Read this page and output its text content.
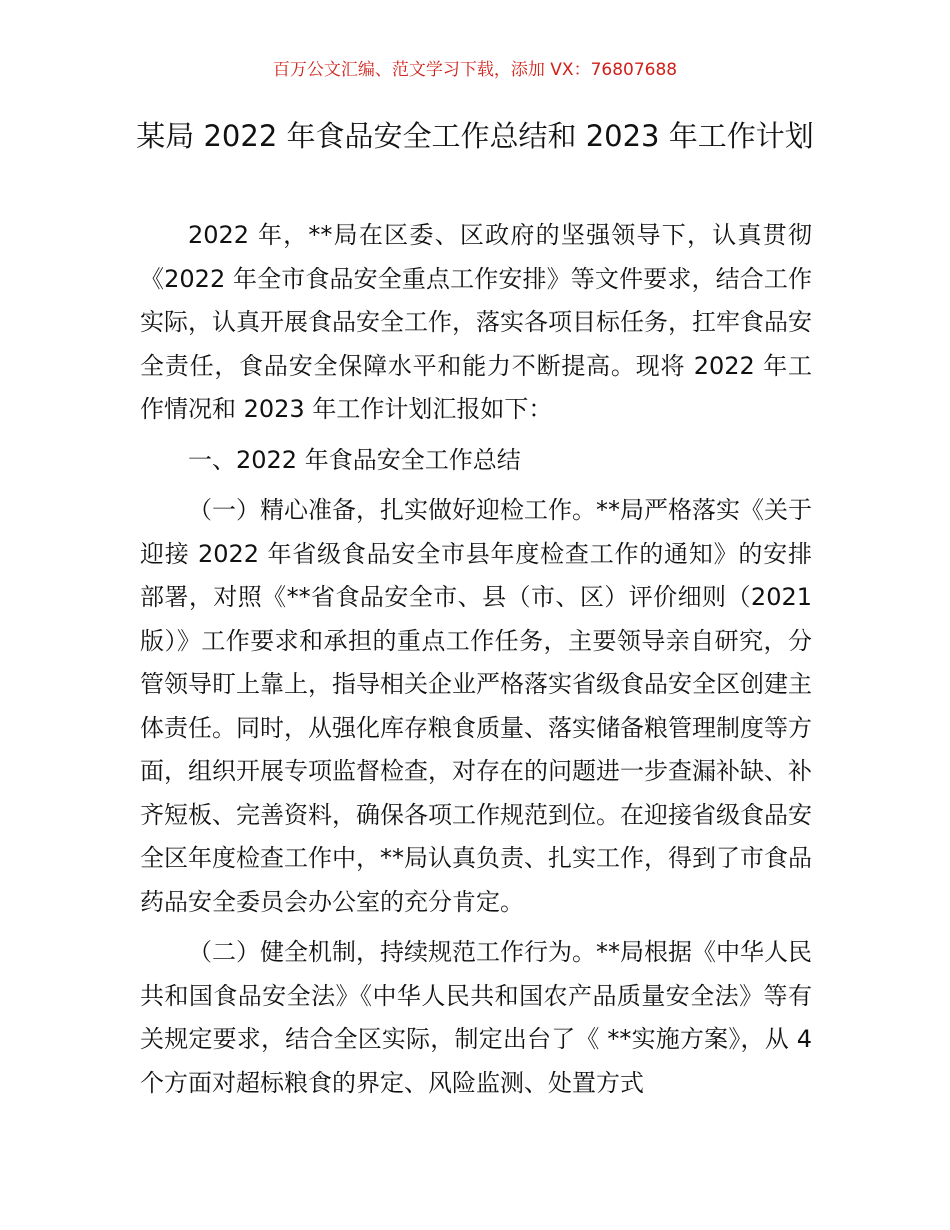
百万公文汇编、范文学习下载，添加 VX：76807688
某局 2022 年食品安全工作总结和 2023 年工作计划

2022 年，**局在区委、区政府的坚强领导下，认真贯彻《2022 年全市食品安全重点工作安排》等文件要求，结合工作实际，认真开展食品安全工作，落实各项目标任务，扛牢食品安全责任，食品安全保障水平和能力不断提高。现将 2022 年工作情况和 2023 年工作计划汇报如下：

一、2022 年食品安全工作总结

（一）精心准备，扎实做好迎检工作。**局严格落实《关于迎接 2022 年省级食品安全市县年度检查工作的通知》的安排部署，对照《**省食品安全市、县（市、区）评价细则（2021 版）》工作要求和承担的重点工作任务，主要领导亲自研究，分管领导盯上靠上，指导相关企业严格落实省级食品安全区创建主体责任。同时，从强化库存粮食质量、落实储备粮管理制度等方面，组织开展专项监督检查，对存在的问题进一步查漏补缺、补齐短板、完善资料，确保各项工作规范到位。在迎接省级食品安全区年度检查工作中，**局认真负责、扎实工作，得到了市食品药品安全委员会办公室的充分肯定。

（二）健全机制，持续规范工作行为。**局根据《中华人民共和国食品安全法》《中华人民共和国农产品质量安全法》等有关规定要求，结合全区实际，制定出台了《 **实施方案》，从 4 个方面对超标粮食的界定、风险监测、处置方式
